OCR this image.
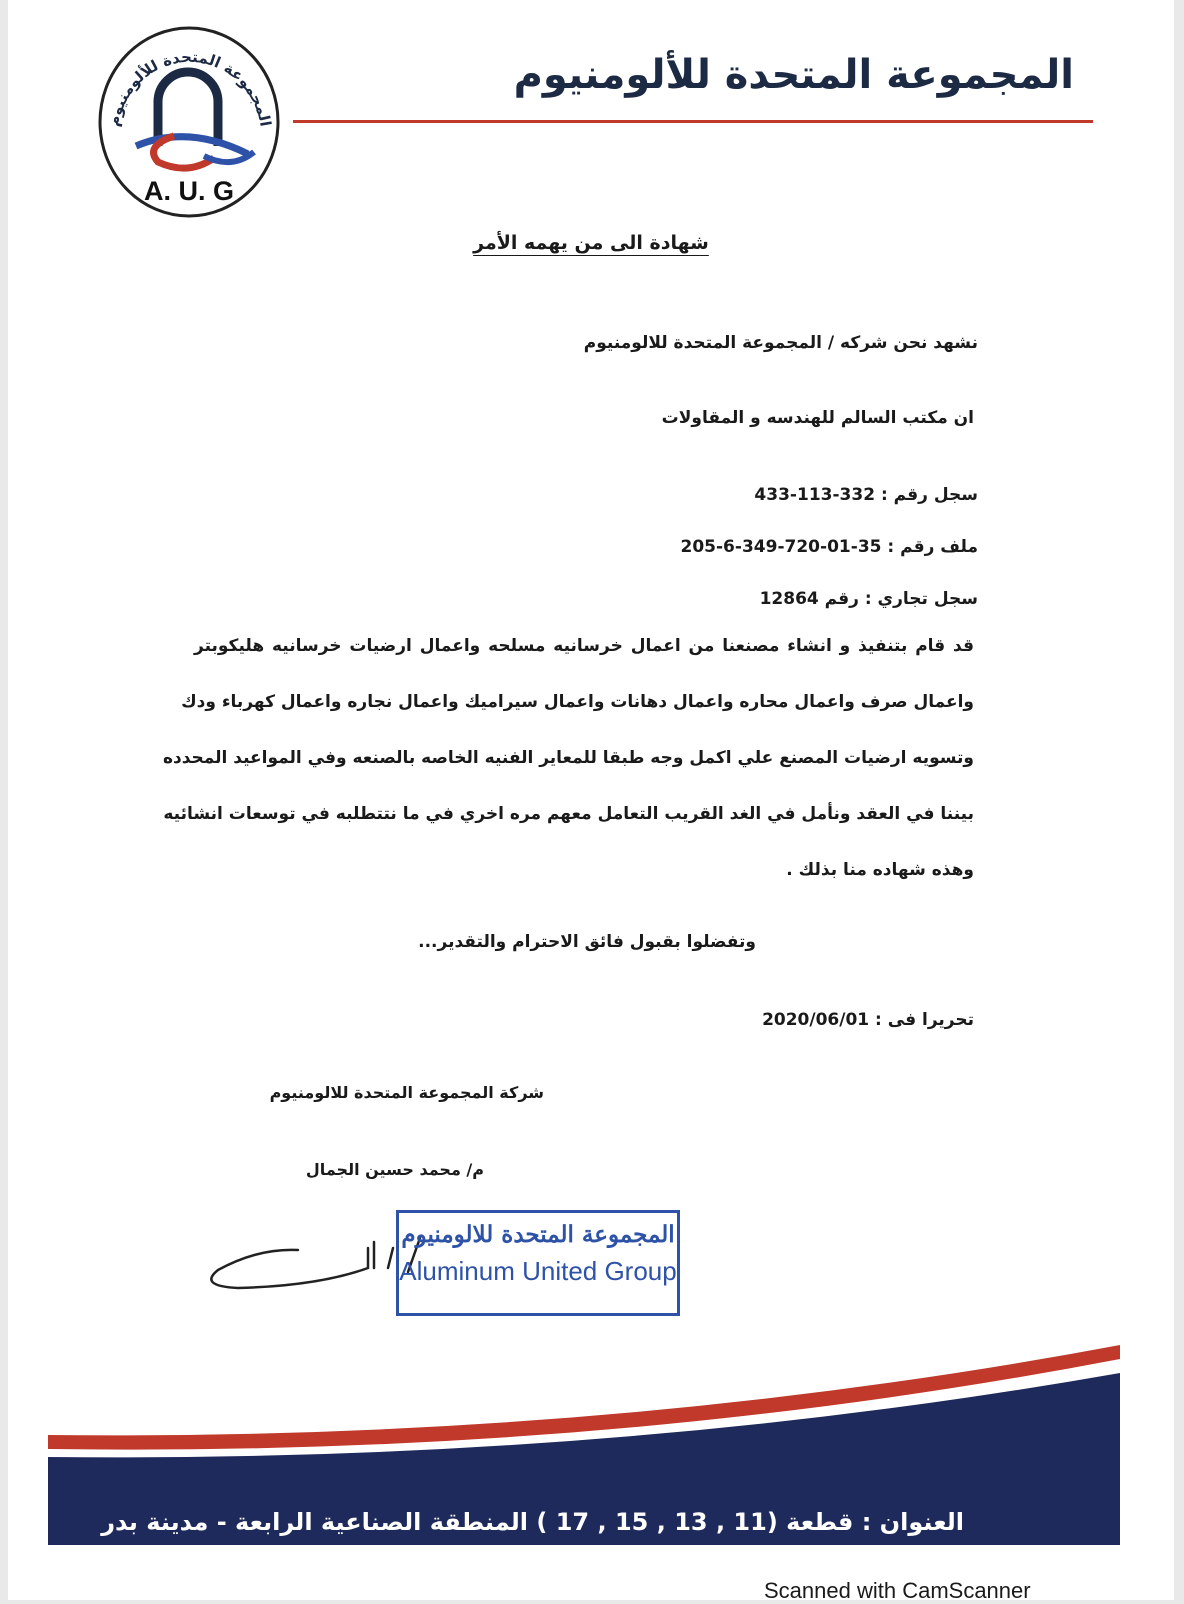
المجموعة المتحدة للألومنيوم
A. U. G
المجموعة المتحدة للألومنيوم
شهادة الى من يهمه الأمر
نشهد نحن شركه / المجموعة المتحدة للالومنيوم
ان مكتب السالم للهندسه و المقاولات
سجل رقم : 332-113-433
ملف رقم : 35-01-720-349-6-205
سجل تجاري : رقم 12864
قد قام بتنفيذ و انشاء مصنعنا من اعمال خرسانيه مسلحه واعمال ارضيات خرسانيه هليكوبتر
واعمال صرف واعمال محاره واعمال دهانات واعمال سيراميك واعمال نجاره واعمال كهرباء ودك
وتسويه ارضيات المصنع علي اكمل وجه طبقا للمعاير الفنيه الخاصه بالصنعه وفي المواعيد المحدده
بيننا في العقد ونأمل في الغد القريب التعامل معهم مره اخري في ما نتتطلبه في توسعات انشائيه
وهذه شهاده منا بذلك .
وتفضلوا بقبول فائق الاحترام والتقدير...
تحريرا فى : 2020/06/01
شركة المجموعة المتحدة للالومنيوم
م/ محمد حسين الجمال
المجموعة المتحدة للالومنيوم
Aluminum United Group
العنوان : قطعة (11 , 13 , 15 , 17 ) المنطقة الصناعية الرابعة - مدينة بدر
Scanned with CamScanner
